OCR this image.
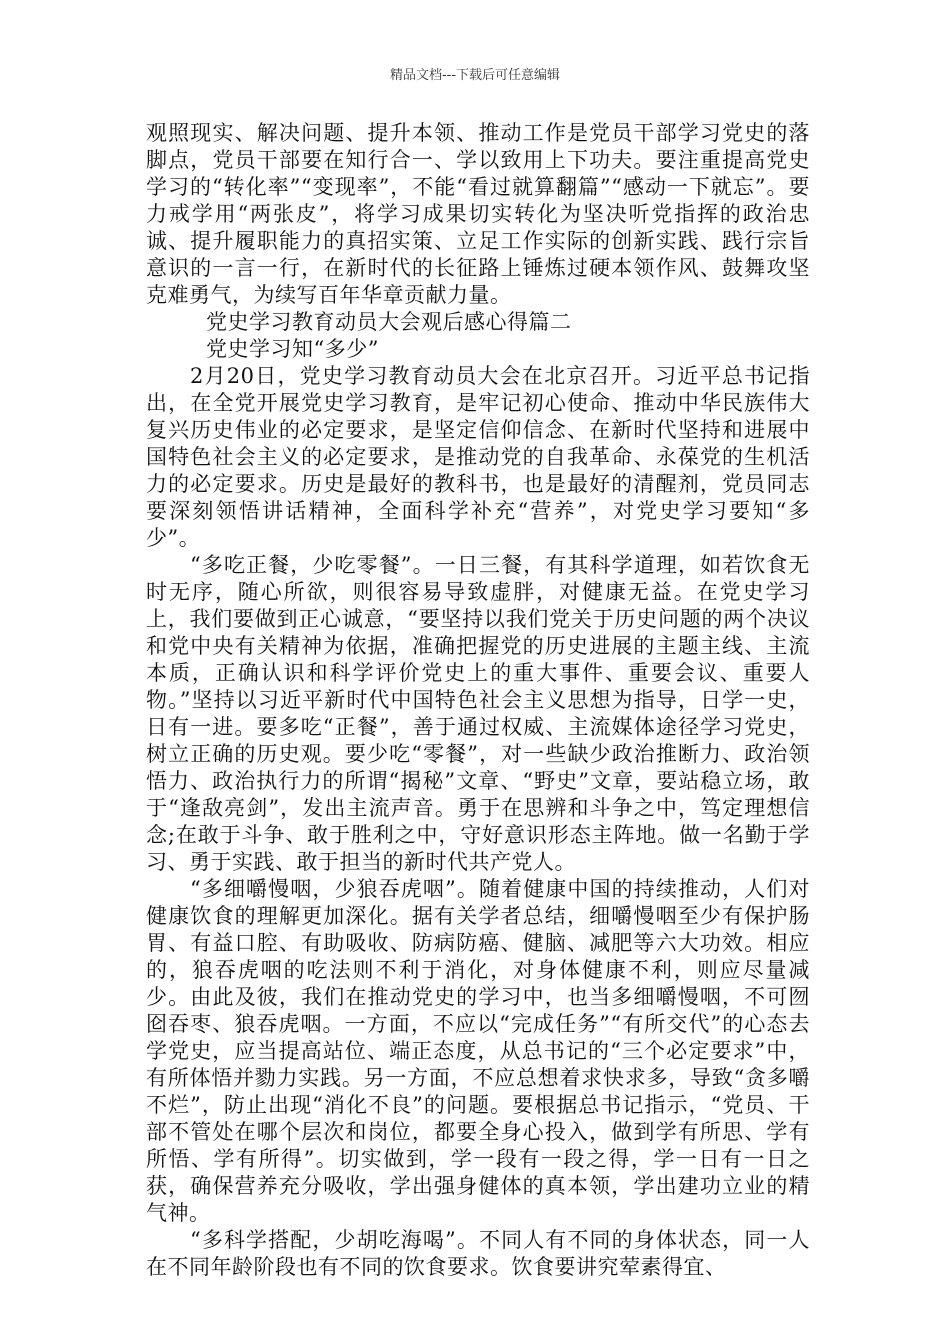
精品文档---下载后可任意编辑

观照现实、解决问题、提升本领、推动工作是党员干部学习党史的落脚点，党员干部要在知行合一、学以致用上下功夫。要注重提高党史学习的“转化率”“变现率”，不能“看过就算翻篇”“感动一下就忘”。要力戒学用“两张皮”，将学习成果切实转化为坚决听党指挥的政治忠诚、提升履职能力的真招实策、立足工作实际的创新实践、践行宗旨意识的一言一行，在新时代的长征路上锤炼过硬本领作风、鼓舞攻坚克难勇气，为续写百年华章贡献力量。

党史学习教育动员大会观后感心得篇二

党史学习知“多少”

2月20日，党史学习教育动员大会在北京召开。习近平总书记指出，在全党开展党史学习教育，是牢记初心使命、推动中华民族伟大复兴历史伟业的必定要求，是坚定信仰信念、在新时代坚持和进展中国特色社会主义的必定要求，是推动党的自我革命、永葆党的生机活力的必定要求。历史是最好的教科书，也是最好的清醒剂，党员同志要深刻领悟讲话精神，全面科学补充“营养”，对党史学习要知“多少”。

“多吃正餐，少吃零餐”。一日三餐，有其科学道理，如若饮食无时无序，随心所欲，则很容易导致虚胖，对健康无益。在党史学习上，我们要做到正心诚意，“要坚持以我们党关于历史问题的两个决议和党中央有关精神为依据，准确把握党的历史进展的主题主线、主流本质，正确认识和科学评价党史上的重大事件、重要会议、重要人物。”坚持以习近平新时代中国特色社会主义思想为指导，日学一史，日有一进。要多吃“正餐”，善于通过权威、主流媒体途径学习党史，树立正确的历史观。要少吃“零餐”，对一些缺少政治推断力、政治领悟力、政治执行力的所谓“揭秘”文章、“野史”文章，要站稳立场，敢于“逢敌亮剑”，发出主流声音。勇于在思辨和斗争之中，笃定理想信念;在敢于斗争、敢于胜利之中，守好意识形态主阵地。做一名勤于学习、勇于实践、敢于担当的新时代共产党人。

“多细嚼慢咽，少狼吞虎咽”。随着健康中国的持续推动，人们对健康饮食的理解更加深化。据有关学者总结，细嚼慢咽至少有保护肠胃、有益口腔、有助吸收、防病防癌、健脑、减肥等六大功效。相应的，狼吞虎咽的吃法则不利于消化，对身体健康不利，则应尽量减少。由此及彼，我们在推动党史的学习中，也当多细嚼慢咽，不可囫囵吞枣、狼吞虎咽。一方面，不应以“完成任务”“有所交代”的心态去学党史，应当提高站位、端正态度，从总书记的“三个必定要求”中，有所体悟并勠力实践。另一方面，不应总想着求快求多，导致“贪多嚼不烂”，防止出现“消化不良”的问题。要根据总书记指示，“党员、干部不管处在哪个层次和岗位，都要全身心投入，做到学有所思、学有所悟、学有所得”。切实做到，学一段有一段之得，学一日有一日之获，确保营养充分吸收，学出强身健体的真本领，学出建功立业的精气神。

“多科学搭配，少胡吃海喝”。不同人有不同的身体状态，同一人在不同年龄阶段也有不同的饮食要求。饮食要讲究荤素得宜、
